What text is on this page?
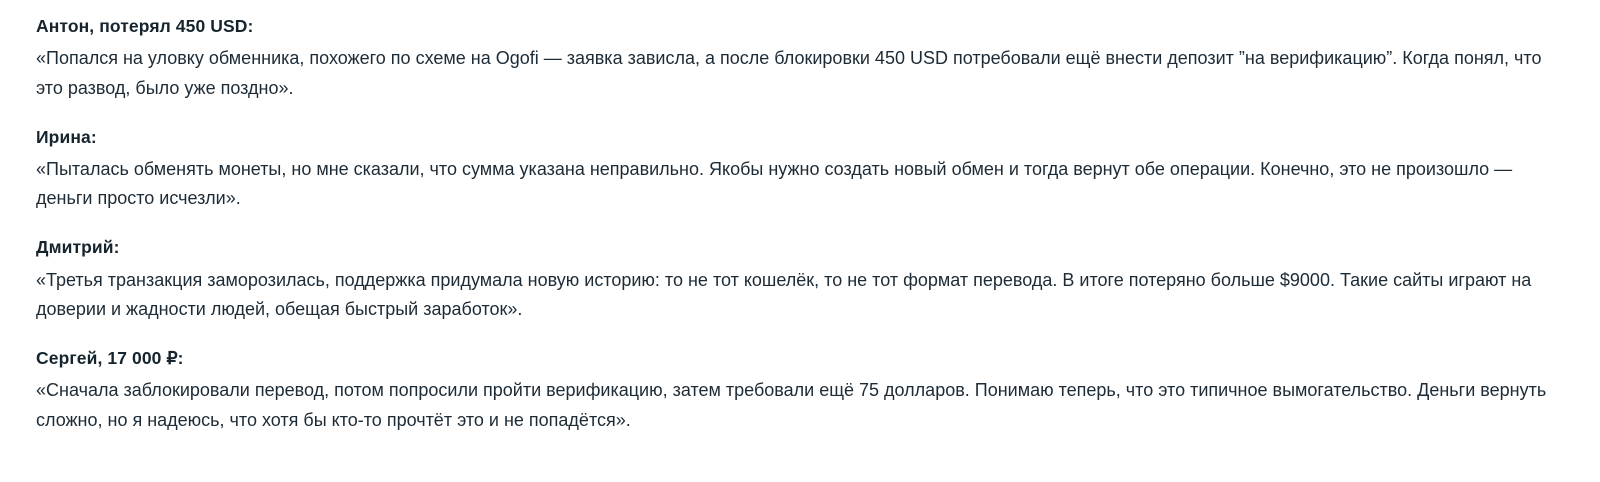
Антон, потерял 450 USD:

«Попался на уловку обменника, похожего по схеме на Ogofi — заявка зависла, а после блокировки 450 USD потребовали ещё внести депозит ”на верификацию”. Когда понял, что это развод, было уже поздно».

Ирина:

«Пыталась обменять монеты, но мне сказали, что сумма указана неправильно. Якобы нужно создать новый обмен и тогда вернут обе операции. Конечно, это не произошло — деньги просто исчезли».

Дмитрий:

«Третья транзакция заморозилась, поддержка придумала новую историю: то не тот кошелёк, то не тот формат перевода. В итоге потеряно больше $9000. Такие сайты играют на доверии и жадности людей, обещая быстрый заработок».

Сергей, 17 000 ₽:

«Сначала заблокировали перевод, потом попросили пройти верификацию, затем требовали ещё 75 долларов. Понимаю теперь, что это типичное вымогательство. Деньги вернуть сложно, но я надеюсь, что хотя бы кто-то прочтёт это и не попадётся».
